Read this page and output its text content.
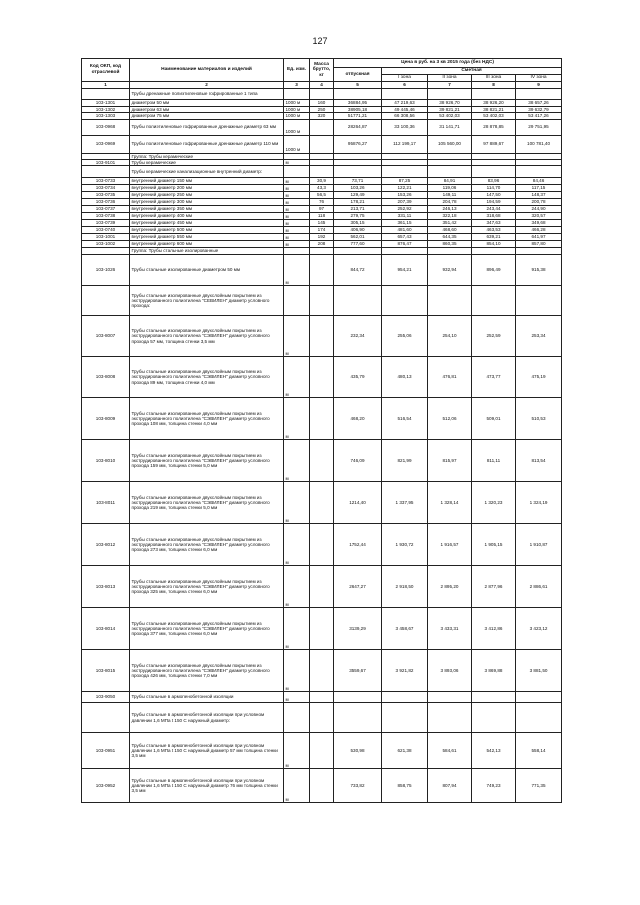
127
Код ОКП, код отраслевой	Наименование материалов и изделий	Ед. изм.	Масса брутто, кг	Цена в руб. на 3 кв 2015 года (без НДС)				
				отпускная	Сметная			
					I зона	II зона	III зона	IV зона
1	2	3	4	5	6	7	8	9
	Трубы дренажные полиэтиленовые гофрированные 1 типа							
103-1301	диаметром 50 мм	1000 м	160	36884,95	47 219,63	38 926,70	38 926,20	38 657,26
103-1302	диаметром 63 мм	1000 м	250	38905,18	49 445,46	39 821,21	38 821,21	39 632,79
103-1303	диаметром 75 мм	1000 м	320	51771,21	66 308,56	53 402,03	53 402,03	53 417,26
103-0968	Трубы полиэтиленовые гофрированные дренажные диаметр 63 мм	1000 м		28264,87	33 100,36	31 141,71	28 878,85	29 751,95
103-0969	Трубы полиэтиленовые гофрированные дренажные диаметр 110 мм	1000 м		95876,27	112 199,17	105 560,00	97 889,67	100 781,40
	Группа: Трубы керамические							
103-9101	Трубы керамические	м						
	Трубы керамические канализационные внутренний диаметр:							
103-0733	внутренний диаметр 150 мм	м	30,9	73,71	87,25	84,91	83,96	84,46
103-0734	внутренний диаметр 200 мм	м	43,3	103,26	122,21	119,06	114,70	117,15
103-0735	внутренний диаметр 250 мм	м	56,5	129,49	153,26	149,11	147,50	148,37
103-0736	внутренний диаметр 300 мм	м	76	178,21	207,39	204,78	194,59	200,78
103-0737	внутренний диаметр 350 мм	м	97	213,71	252,92	246,13	243,44	244,90
103-0738	внутренний диаметр 400 мм	м	118	279,75	331,11	322,18	318,68	320,57
103-0739	внутренний диаметр 450 мм	м	145	305,15	361,15	351,42	347,63	349,68
103-0740	внутренний диаметр 500 мм	м	174	406,90	481,60	468,60	463,53	466,28
103-1001	внутренний диаметр 550 мм	м	192	562,01	657,43	644,35	639,21	641,97
103-1002	внутренний диаметр 600 мм	м	208	777,60	876,47	860,35	854,10	857,80
	Группа: Трубы стальные изолированные							
103-1026	Трубы стальные изолированные диаметром 50 мм	м		844,72	954,21	932,94	896,49	915,38
	Трубы стальные изолированные двухслойным покрытием из экструдированного полиэтилена "СЕВИЛЕН" диаметр условного прохода:							
103-8007	Трубы стальные изолированные двухслойным покрытием из экструдированного полиэтилена "СЭВИЛЕН" диаметр условного прохода 57 мм, толщина стенки 3,5 мм	м		232,34	255,06	254,10	252,59	253,34
103-8008	Трубы стальные изолированные двухслойным покрытием из экструдированного полиэтилена "СЭВИЛЕН" диаметр условного прохода 89 мм, толщина стенки 4,0 мм	м		435,79	480,13	476,81	473,77	475,19
103-8009	Трубы стальные изолированные двухслойным покрытием из экструдированного полиэтилена "СЭВИЛЕН" диаметр условного прохода 108 мм, толщина стенки 4,0 мм	м		468,20	516,54	512,06	509,01	510,53
103-8010	Трубы стальные изолированные двухслойным покрытием из экструдированного полиэтилена "СЭВИЛЕН" диаметр условного прохода 159 мм, толщина стенки 5,0 мм	м		746,09	821,99	815,97	811,11	813,54
103-8011	Трубы стальные изолированные двухслойным покрытием из экструдированного полиэтилена "СЭВИЛЕН" диаметр условного прохода 219 мм, толщина стенки 5,0 мм	м		1214,40	1 337,95	1 328,14	1 320,23	1 324,19
103-8012	Трубы стальные изолированные двухслойным покрытием из экструдированного полиэтилена "СЭВИЛЕН" диаметр условного прохода 273 мм, толщина стенки 6,0 мм	м		1752,44	1 930,72	1 916,57	1 905,15	1 910,87
103-8013	Трубы стальные изолированные двухслойным покрытием из экструдированного полиэтилена "СЭВИЛЕН" диаметр условного прохода 325 мм, толщина стенки 6,0 мм	м		2647,27	2 918,50	2 895,20	2 877,96	2 886,61
103-8014	Трубы стальные изолированные двухслойным покрытием из экструдированного полиэтилена "СЭВИЛЕН" диаметр условного прохода 377 мм, толщина стенки 6,0 мм	м		3139,29	3 458,67	3 433,31	3 412,86	3 423,12
103-8015	Трубы стальные изолированные двухслойным покрытием из экструдированного полиэтилена "СЭВИЛЕН" диаметр условного прохода 426 мм, толщина стенки 7,0 мм	м		3559,67	3 921,82	3 893,06	3 869,88	3 881,50
103-9050	Трубы стальные в армопенобетонной изоляции	м						
	Трубы стальные в армопенобетонной изоляции при условном давлении 1,6 МПа t 150 С наружный диаметр:							
103-0951	Трубы стальные в армопенобетонной изоляции при условном давлении 1,6 МПа t 150 С наружный диаметр 57 мм толщина стенки 3,5 мм	м		530,98	621,38	584,61	542,13	558,14
103-0952	Трубы стальные в армопенобетонной изоляции при условном давлении 1,6 МПа t 150 С наружный диаметр 76 мм толщина стенки 3,5 мм	м		733,82	858,75	807,94	749,23	771,35
